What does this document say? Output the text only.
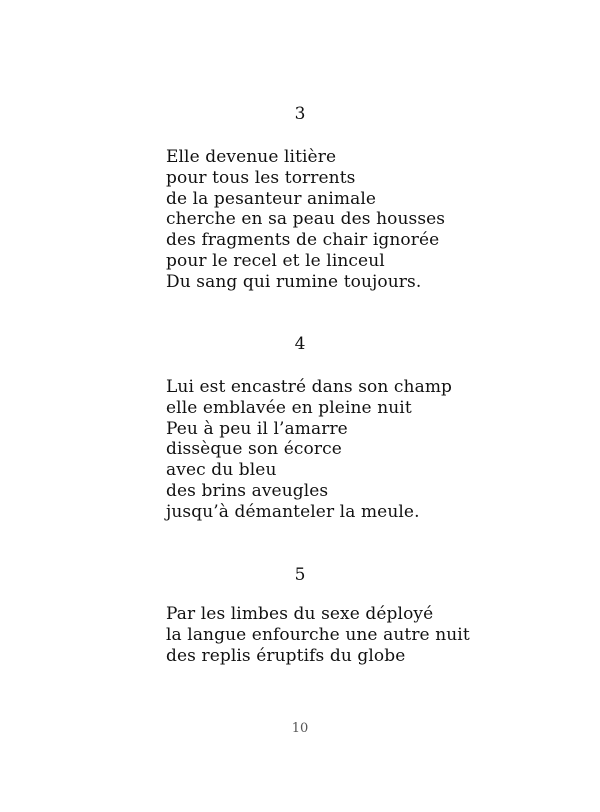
3
Elle devenue litière
pour tous les torrents
de la pesanteur animale
cherche en sa peau des housses
des fragments de chair ignorée
pour le recel et le linceul
Du sang qui rumine toujours.
4
Lui est encastré dans son champ
elle emblavée en pleine nuit
Peu à peu il l’amarre
dissèque son écorce
avec du bleu
des brins aveugles
jusqu’à démanteler la meule.
5
Par les limbes du sexe déployé
la langue enfourche une autre nuit
des replis éruptifs du globe
10
